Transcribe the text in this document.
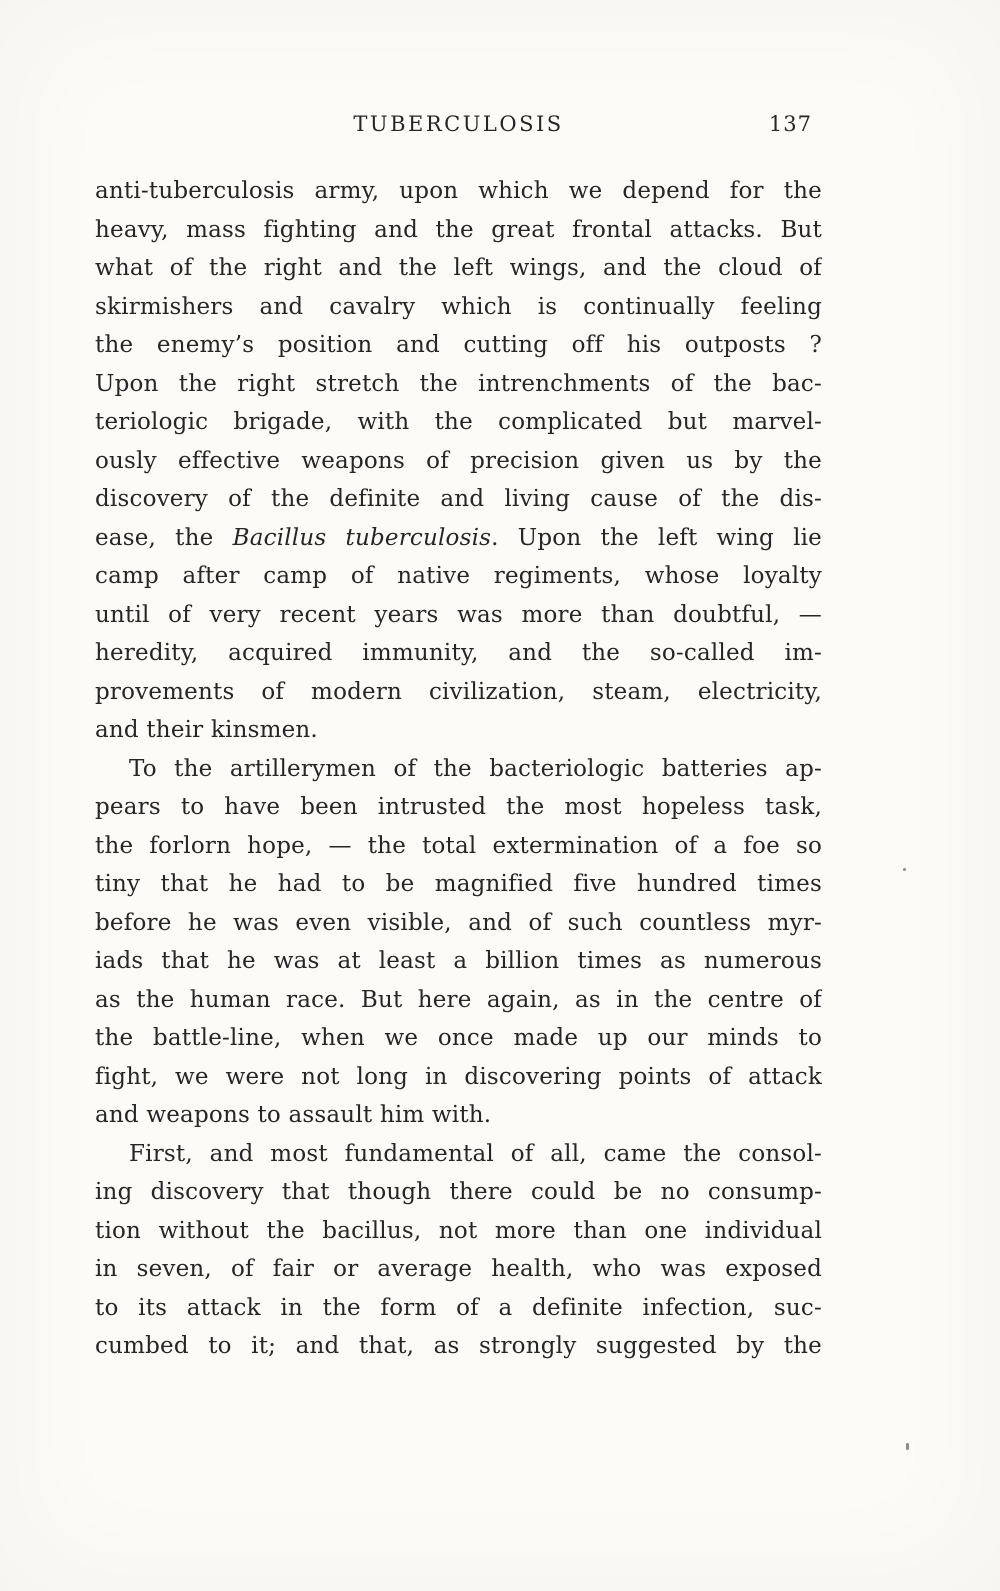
TUBERCULOSIS	137
anti-tuberculosis army, upon which we depend for the
heavy, mass fighting and the great frontal attacks. But
what of the right and the left wings, and the cloud of
skirmishers and cavalry which is continually feeling
the enemy’s position and cutting off his outposts ?
Upon the right stretch the intrenchments of the bac-
teriologic brigade, with the complicated but marvel-
ously effective weapons of precision given us by the
discovery of the definite and living cause of the dis-
ease, the Bacillus tuberculosis. Upon the left wing lie
camp after camp of native regiments, whose loyalty
until of very recent years was more than doubtful, —
heredity, acquired immunity, and the so-called im-
provements of modern civilization, steam, electricity,
and their kinsmen.
To the artillerymen of the bacteriologic batteries ap-
pears to have been intrusted the most hopeless task,
the forlorn hope, — the total extermination of a foe so
tiny that he had to be magnified five hundred times
before he was even visible, and of such countless myr-
iads that he was at least a billion times as numerous
as the human race. But here again, as in the centre of
the battle-line, when we once made up our minds to
fight, we were not long in discovering points of attack
and weapons to assault him with.
First, and most fundamental of all, came the consol-
ing discovery that though there could be no consump-
tion without the bacillus, not more than one individual
in seven, of fair or average health, who was exposed
to its attack in the form of a definite infection, suc-
cumbed to it; and that, as strongly suggested by the
